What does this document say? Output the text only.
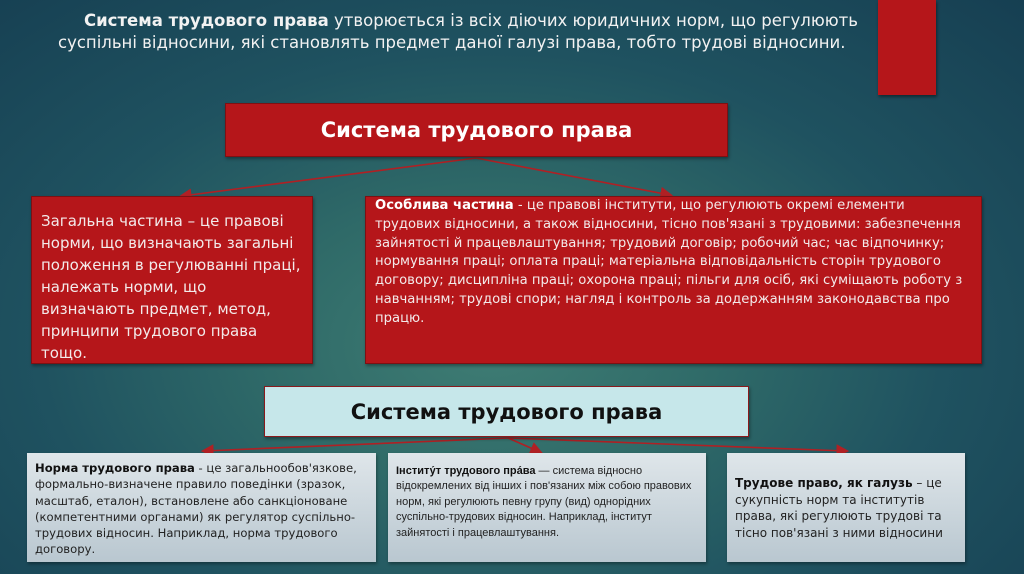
Система трудового права утворюється із всіх діючих юридичних норм, що регулюють суспільні відносини, які становлять предмет даної галузі права, тобто трудові відносини.
Система трудового права
Загальна частина – це правові норми, що визначають загальні положення в регулюванні праці, належать норми, що визначають предмет, метод, принципи трудового права тощо.
Особлива частина - це правові інститути, що регулюють окремі елементи трудових відносини, а також відносини, тісно пов'язані з трудовими: забезпечення зайнятості й працевлаштування; трудовий договір; робочий час; час відпочинку; нормування праці; оплата праці; матеріальна відповідальність сторін трудового договору; дисципліна праці; охорона праці; пільги для осіб, які суміщають роботу з навчанням; трудові спори; нагляд і контроль за додержанням законодавства про працю.
Система трудового права
Норма трудового права - це загальнообов'язкове, формально-визначене правило поведінки (зразок, масштаб, еталон), встановлене або санкціоноване (компетентними органами) як регулятор суспільно-трудових відносин. Наприклад, норма трудового договору.
Інститу́т трудового пра́ва — система відносно відокремлених від інших і пов'язаних між собою правових норм, які регулюють певну групу (вид) однорідних суспільно-трудових відносин. Наприклад, інститут зайнятості і працевлаштування.
Трудове право, як галузь – це сукупність норм та інститутів права, які регулюють трудові та тісно пов'язані з ними відносини
